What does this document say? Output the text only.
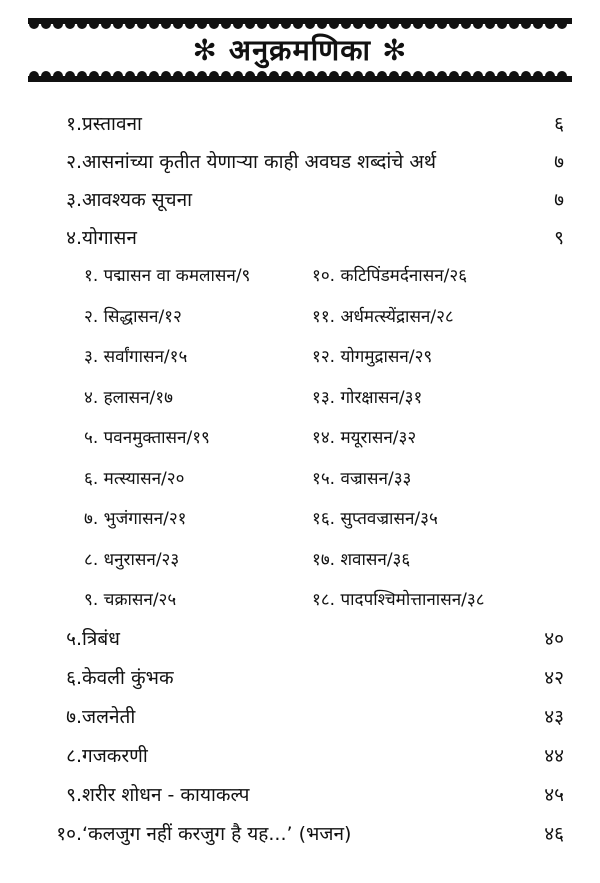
✻ अनुक्रमणिका ✻
१. प्रस्तावना	६
२. आसनांच्या कृतीत येणाऱ्या काही अवघड शब्दांचे अर्थ	७
३. आवश्यक सूचना	७
४. योगासन	९
१. पद्मासन वा कमलासन/९
२. सिद्धासन/१२
३. सर्वांगासन/१५
४. हलासन/१७
५. पवनमुक्तासन/१९
६. मत्स्यासन/२०
७. भुजंगासन/२१
८. धनुरासन/२३
९. चक्रासन/२५
१०. कटिपिंडमर्दनासन/२६
११. अर्धमत्स्येंद्रासन/२८
१२. योगमुद्रासन/२९
१३. गोरक्षासन/३१
१४. मयूरासन/३२
१५. वज्रासन/३३
१६. सुप्तवज्रासन/३५
१७. शवासन/३६
१८. पादपश्चिमोत्तानासन/३८
५. त्रिबंध	४०
६. केवली कुंभक	४२
७. जलनेती	४३
८. गजकरणी	४४
९. शरीर शोधन - कायाकल्प	४५
१०. ‘कलजुग नहीं करजुग है यह...’ (भजन)	४६
